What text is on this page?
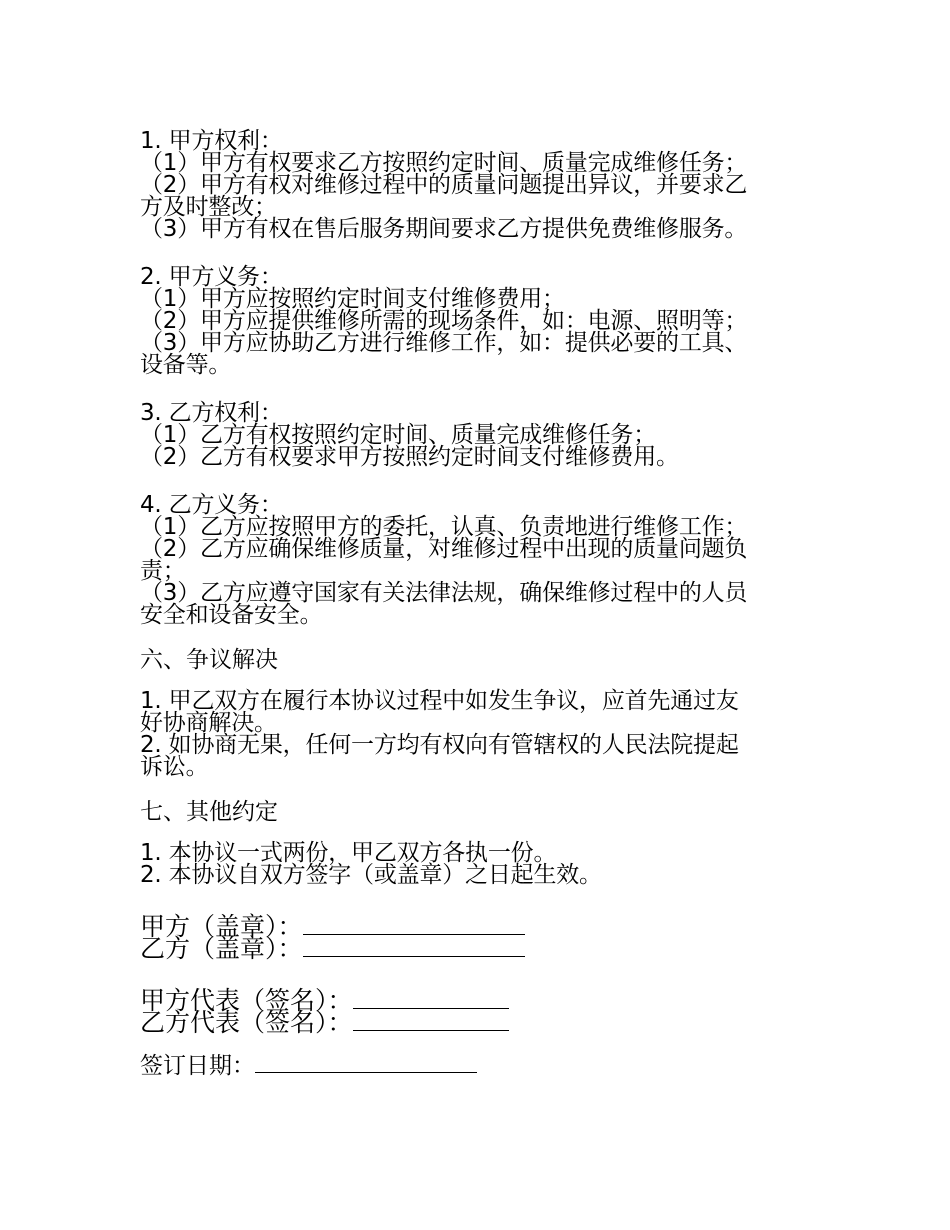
1. 甲方权利：
（1）甲方有权要求乙方按照约定时间、质量完成维修任务；
（2）甲方有权对维修过程中的质量问题提出异议，并要求乙
方及时整改；
（3）甲方有权在售后服务期间要求乙方提供免费维修服务。
2. 甲方义务：
（1）甲方应按照约定时间支付维修费用；
（2）甲方应提供维修所需的现场条件，如：电源、照明等；
（3）甲方应协助乙方进行维修工作，如：提供必要的工具、
设备等。
3. 乙方权利：
（1）乙方有权按照约定时间、质量完成维修任务；
（2）乙方有权要求甲方按照约定时间支付维修费用。
4. 乙方义务：
（1）乙方应按照甲方的委托，认真、负责地进行维修工作；
（2）乙方应确保维修质量，对维修过程中出现的质量问题负
责；
（3）乙方应遵守国家有关法律法规，确保维修过程中的人员
安全和设备安全。
六、争议解决
1. 甲乙双方在履行本协议过程中如发生争议，应首先通过友
好协商解决。
2. 如协商无果，任何一方均有权向有管辖权的人民法院提起
诉讼。
七、其他约定
1. 本协议一式两份，甲乙双方各执一份。
2. 本协议自双方签字（或盖章）之日起生效。
甲方（盖章）：
乙方（盖章）：
甲方代表（签名）：
乙方代表（签名）：
签订日期：
